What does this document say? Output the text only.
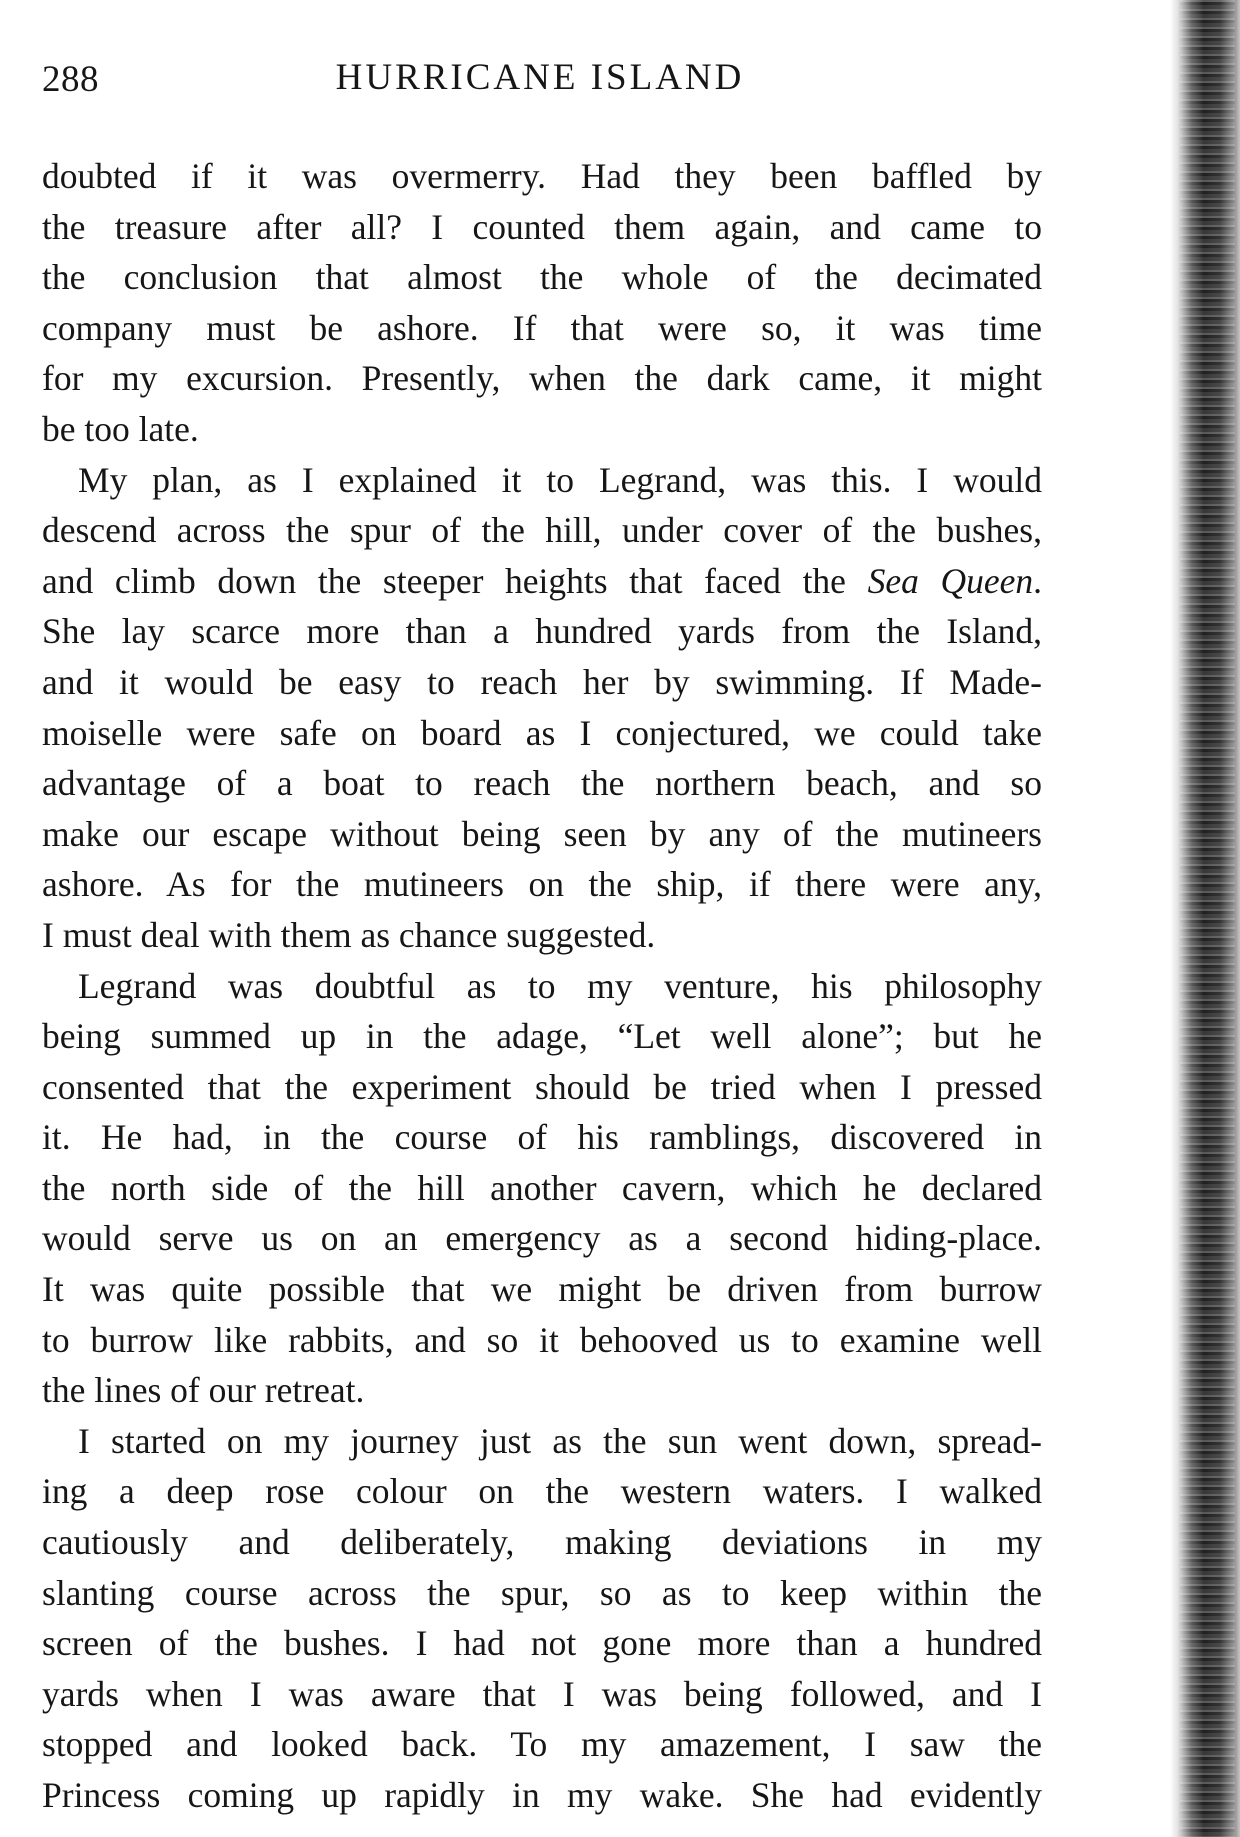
288	HURRICANE ISLAND
doubted if it was overmerry. Had they been baffled by
the treasure after all? I counted them again, and came to
the conclusion that almost the whole of the decimated
company must be ashore. If that were so, it was time
for my excursion. Presently, when the dark came, it might
be too late.
My plan, as I explained it to Legrand, was this. I would
descend across the spur of the hill, under cover of the bushes,
and climb down the steeper heights that faced the Sea Queen.
She lay scarce more than a hundred yards from the Island,
and it would be easy to reach her by swimming. If Made-
moiselle were safe on board as I conjectured, we could take
advantage of a boat to reach the northern beach, and so
make our escape without being seen by any of the mutineers
ashore. As for the mutineers on the ship, if there were any,
I must deal with them as chance suggested.
Legrand was doubtful as to my venture, his philosophy
being summed up in the adage, “Let well alone”; but he
consented that the experiment should be tried when I pressed
it. He had, in the course of his ramblings, discovered in
the north side of the hill another cavern, which he declared
would serve us on an emergency as a second hiding-place.
It was quite possible that we might be driven from burrow
to burrow like rabbits, and so it behooved us to examine well
the lines of our retreat.
I started on my journey just as the sun went down, spread-
ing a deep rose colour on the western waters. I walked
cautiously and deliberately, making deviations in my
slanting course across the spur, so as to keep within the
screen of the bushes. I had not gone more than a hundred
yards when I was aware that I was being followed, and I
stopped and looked back. To my amazement, I saw the
Princess coming up rapidly in my wake. She had evidently
